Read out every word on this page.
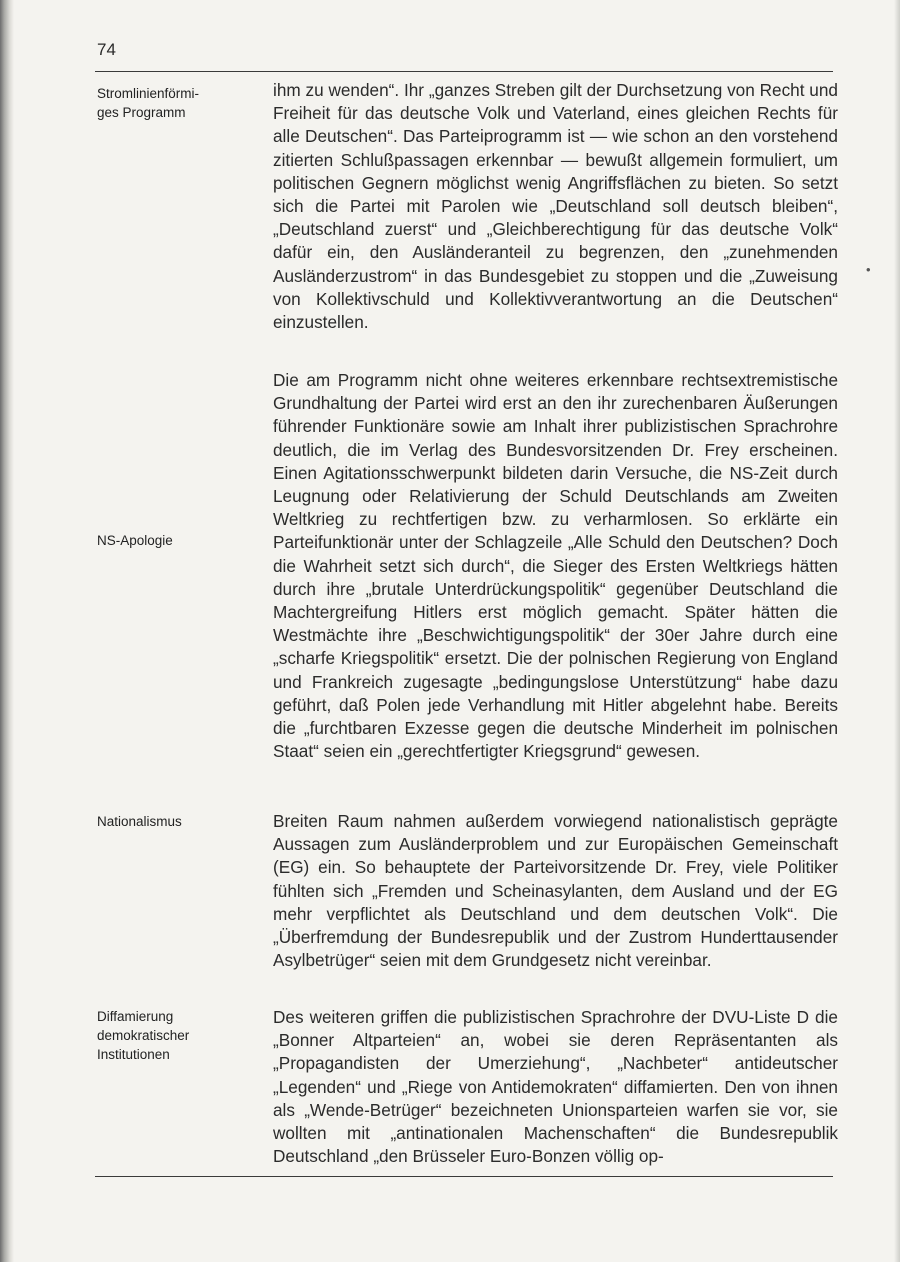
74
Stromlinienförmi-
ges Programm
NS-Apologie
Nationalismus
Diffamierung
demokratischer
Institutionen
ihm zu wenden“. Ihr „ganzes Streben gilt der Durchsetzung von Recht und Freiheit für das deutsche Volk und Vaterland, eines gleichen Rechts für alle Deutschen“. Das Parteiprogramm ist — wie schon an den vorstehend zitierten Schlußpassagen erkennbar — bewußt allgemein formuliert, um politischen Gegnern möglichst wenig Angriffsflächen zu bieten. So setzt sich die Partei mit Parolen wie „Deutschland soll deutsch bleiben“, „Deutschland zuerst“ und „Gleichberechtigung für das deutsche Volk“ dafür ein, den Ausländeranteil zu begrenzen, den „zunehmenden Ausländerzustrom“ in das Bundesgebiet zu stoppen und die „Zuweisung von Kollektivschuld und Kollektivverantwortung an die Deutschen“ einzustellen.
Die am Programm nicht ohne weiteres erkennbare rechtsextremistische Grundhaltung der Partei wird erst an den ihr zurechenbaren Äußerungen führender Funktionäre sowie am Inhalt ihrer publizistischen Sprachrohre deutlich, die im Verlag des Bundesvorsitzenden Dr. Frey erscheinen. Einen Agitationsschwerpunkt bildeten darin Versuche, die NS-Zeit durch Leugnung oder Relativierung der Schuld Deutschlands am Zweiten Weltkrieg zu rechtfertigen bzw. zu verharmlosen. So erklärte ein Parteifunktionär unter der Schlagzeile „Alle Schuld den Deutschen? Doch die Wahrheit setzt sich durch“, die Sieger des Ersten Weltkriegs hätten durch ihre „brutale Unterdrückungspolitik“ gegenüber Deutschland die Machtergreifung Hitlers erst möglich gemacht. Später hätten die Westmächte ihre „Beschwichtigungspolitik“ der 30er Jahre durch eine „scharfe Kriegspolitik“ ersetzt. Die der polnischen Regierung von England und Frankreich zugesagte „bedingungslose Unterstützung“ habe dazu geführt, daß Polen jede Verhandlung mit Hitler abgelehnt habe. Bereits die „furchtbaren Exzesse gegen die deutsche Minderheit im polnischen Staat“ seien ein „gerechtfertigter Kriegsgrund“ gewesen.
Breiten Raum nahmen außerdem vorwiegend nationalistisch geprägte Aussagen zum Ausländerproblem und zur Europäischen Gemeinschaft (EG) ein. So behauptete der Parteivorsitzende Dr. Frey, viele Politiker fühlten sich „Fremden und Scheinasylanten, dem Ausland und der EG mehr verpflichtet als Deutschland und dem deutschen Volk“. Die „Überfremdung der Bundesrepublik und der Zustrom Hunderttausender Asylbetrüger“ seien mit dem Grundgesetz nicht vereinbar.
Des weiteren griffen die publizistischen Sprachrohre der DVU-Liste D die „Bonner Altparteien“ an, wobei sie deren Repräsentanten als „Propagandisten der Umerziehung“, „Nachbeter“ antideutscher „Legenden“ und „Riege von Antidemokraten“ diffamierten. Den von ihnen als „Wende-Betrüger“ bezeichneten Unionsparteien warfen sie vor, sie wollten mit „antinationalen Machenschaften“ die Bundesrepublik Deutschland „den Brüsseler Euro-Bonzen völlig op-
•
